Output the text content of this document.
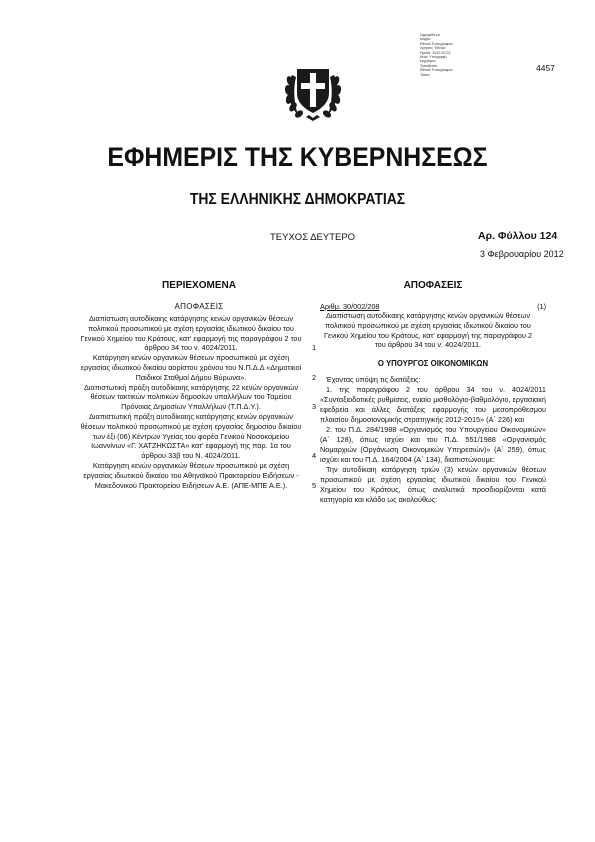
Σφραγίδα με
κόμβο:
Εθνικό Τυπογραφείο
Χρήσεις: Εθνικό
Ημ/νία: 2012.02.03
Αιτία: Υπογραφή
εγγράφου
Τοποθεσία:
Εθνικό Τυπογραφείο
Τόπος
4457
ΕΦΗΜΕΡΙΣ ΤΗΣ ΚΥΒΕΡΝΗΣΕΩΣ
ΤΗΣ ΕΛΛΗΝΙΚΗΣ ΔΗΜΟΚΡΑΤΙΑΣ
ΤΕΥΧΟΣ ΔΕΥΤΕΡΟ	Αρ. Φύλλου 124
3 Φεβρουαρίου 2012
ΠΕΡΙΕΧΟΜΕΝΑ
ΑΠΟΦΑΣΕΙΣ
Διαπίστωση αυτοδίκαιης κατάργησης κενών οργανικών θέσεων πολιτικού προσωπικού με σχέση εργασίας ιδιωτικού δικαίου του Γενικού Χημείου του Κράτους, κατ' εφαρμογή της παραγράφου 2 του άρθρου 34 του ν. 4024/2011.	1
Κατάργηση κενών οργανικών θέσεων προσωπικού με σχέση εργασίας ιδιωτικού δικαίου αορίστου χρόνου του Ν.Π.Δ.Δ «Δημοτικοί Παιδικοί Σταθμοί Δήμου Βύρωνα».	2
Διαπιστωτική πράξη αυτοδίκαιης κατάργησης 22 κενών οργανικών θέσεων τακτικών πολιτικών δημοσίων υπαλλήλων του Ταμείου Πρόνοιας Δημοσίων Υπαλλήλων (Τ.Π.Δ.Υ.).	3
Διαπιστωτική πράξη αυτοδίκαιης κατάργησης κενών οργανικών θέσεων πολιτικού προσωπικού με σχέση εργασίας δημοσίου δικαίου των έξι (06) Κέντρων Υγείας του φορέα Γενικού Νοσοκομείου Ιωαννίνων «Γ. ΧΑΤΖΗΚΩΣΤΑ» κατ' εφαρμογή της παρ. 1α του άρθρου 33β του Ν. 4024/2011.	4
Κατάργηση κενών οργανικών θέσεων προσωπικού με σχέση εργασίας ιδιωτικού δικαίου του Αθηναϊκού Πρακτορείου Ειδήσεων - Μακεδονικού Πρακτορείου Ειδήσεων Α.Ε. (ΑΠΕ-ΜΠΕ Α.Ε.).	5
ΑΠΟΦΑΣΕΙΣ
Αριθμ. 30/002/208	(1)
Διαπίστωση αυτοδίκαιης κατάργησης κενών οργανικών θέσεων πολιτικού προσωπικού με σχέση εργασίας ιδιωτικού δικαίου του Γενικού Χημείου του Κράτους, κατ' εφαρμογή της παραγράφου 2 του άρθρου 34 του ν. 4024/2011.
Ο ΥΠΟΥΡΓΟΣ ΟΙΚΟΝΟΜΙΚΩΝ

Έχοντας υπόψη τις διατάξεις:

1. της παραγράφου 2 του άρθρου 34 του ν. 4024/2011 «Συνταξιοδοτικές ρυθμίσεις, ενιαίο μισθολόγιο-βαθμολόγιο, εργασιακή εφεδρεία και άλλες διατάξεις εφαρμογής του μεσοπρόθεσμου πλαισίου δημοσιονομικής στρατηγικής 2012-2015» (Α΄ 226) και

2. του Π.Δ. 284/1988 «Οργανισμός του Υπουργείου Οικονομικών» (Α΄ 128), όπως ισχύει και του Π.Δ. 551/1988 «Οργανισμός Νομαρχιών (Οργάνωση Οικονομικών Υπηρεσιών)» (Α΄ 259), όπως ισχύει και του Π.Δ. 164/2004 (Α΄ 134), διαπιστώνουμε:

Την αυτοδίκαιη κατάργηση τριών (3) κενών οργανικών θέσεων προσωπικού με σχέση εργασίας ιδιωτικού δικαίου του Γενικού Χημείου του Κράτους, όπως αναλυτικά προσδιορίζονται κατά κατηγορία και κλάδο ως ακολούθως:
